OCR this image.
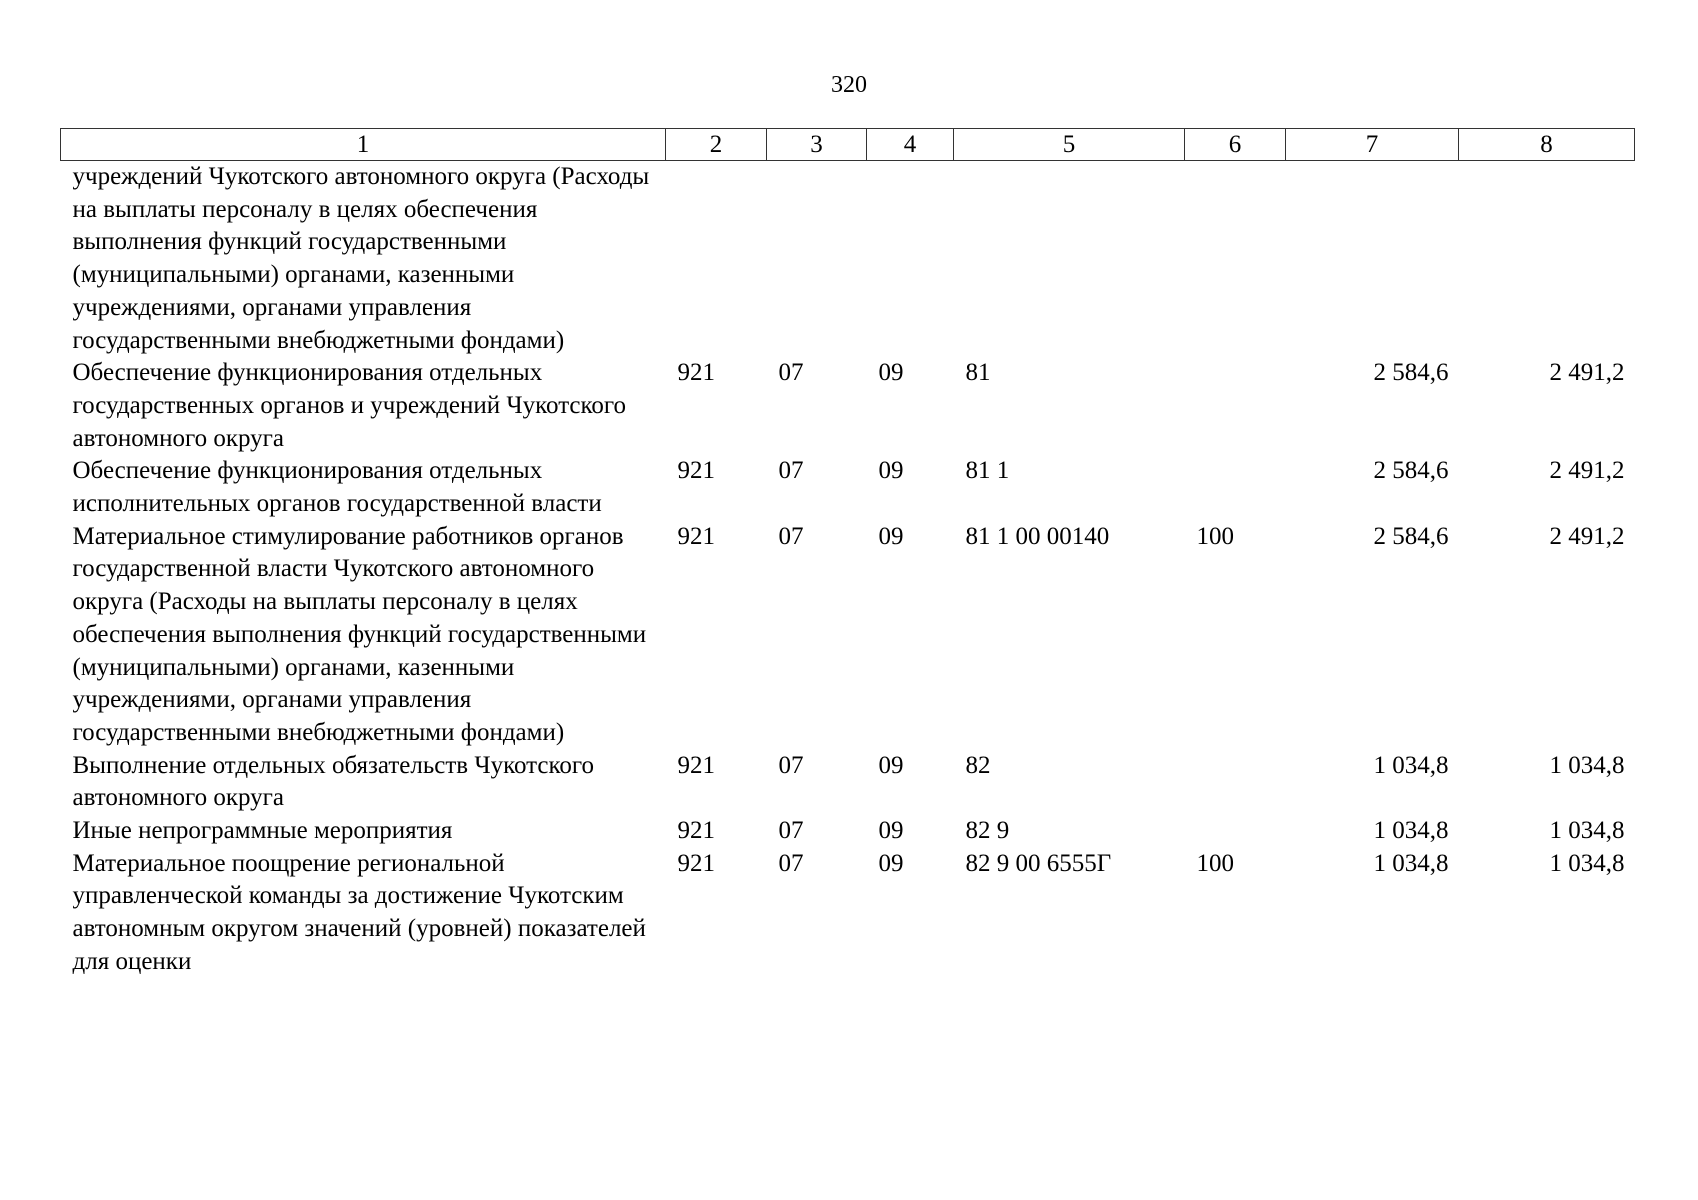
320
1	2	3	4	5	6	7	8
учреждений Чукотского автономного округа (Расходы на выплаты персоналу в целях обеспечения выполнения функций государственными (муниципальными) органами, казенными учреждениями, органами управления государственными внебюджетными фондами)							
Обеспечение функционирования отдельных государственных органов и учреждений Чукотского автономного округа	921	07	09	81		2 584,6	2 491,2
Обеспечение функционирования отдельных исполнительных органов государственной власти	921	07	09	81 1		2 584,6	2 491,2
Материальное стимулирование работников органов государственной власти Чукотского автономного округа (Расходы на выплаты персоналу в целях обеспечения выполнения функций государственными (муниципальными) органами, казенными учреждениями, органами управления государственными внебюджетными фондами)	921	07	09	81 1 00 00140	100	2 584,6	2 491,2
Выполнение отдельных обязательств Чукотского автономного округа	921	07	09	82		1 034,8	1 034,8
Иные непрограммные мероприятия	921	07	09	82 9		1 034,8	1 034,8
Материальное поощрение региональной управленческой команды за достижение Чукотским автономным округом значений (уровней) показателей для оценки	921	07	09	82 9 00 6555Г	100	1 034,8	1 034,8
